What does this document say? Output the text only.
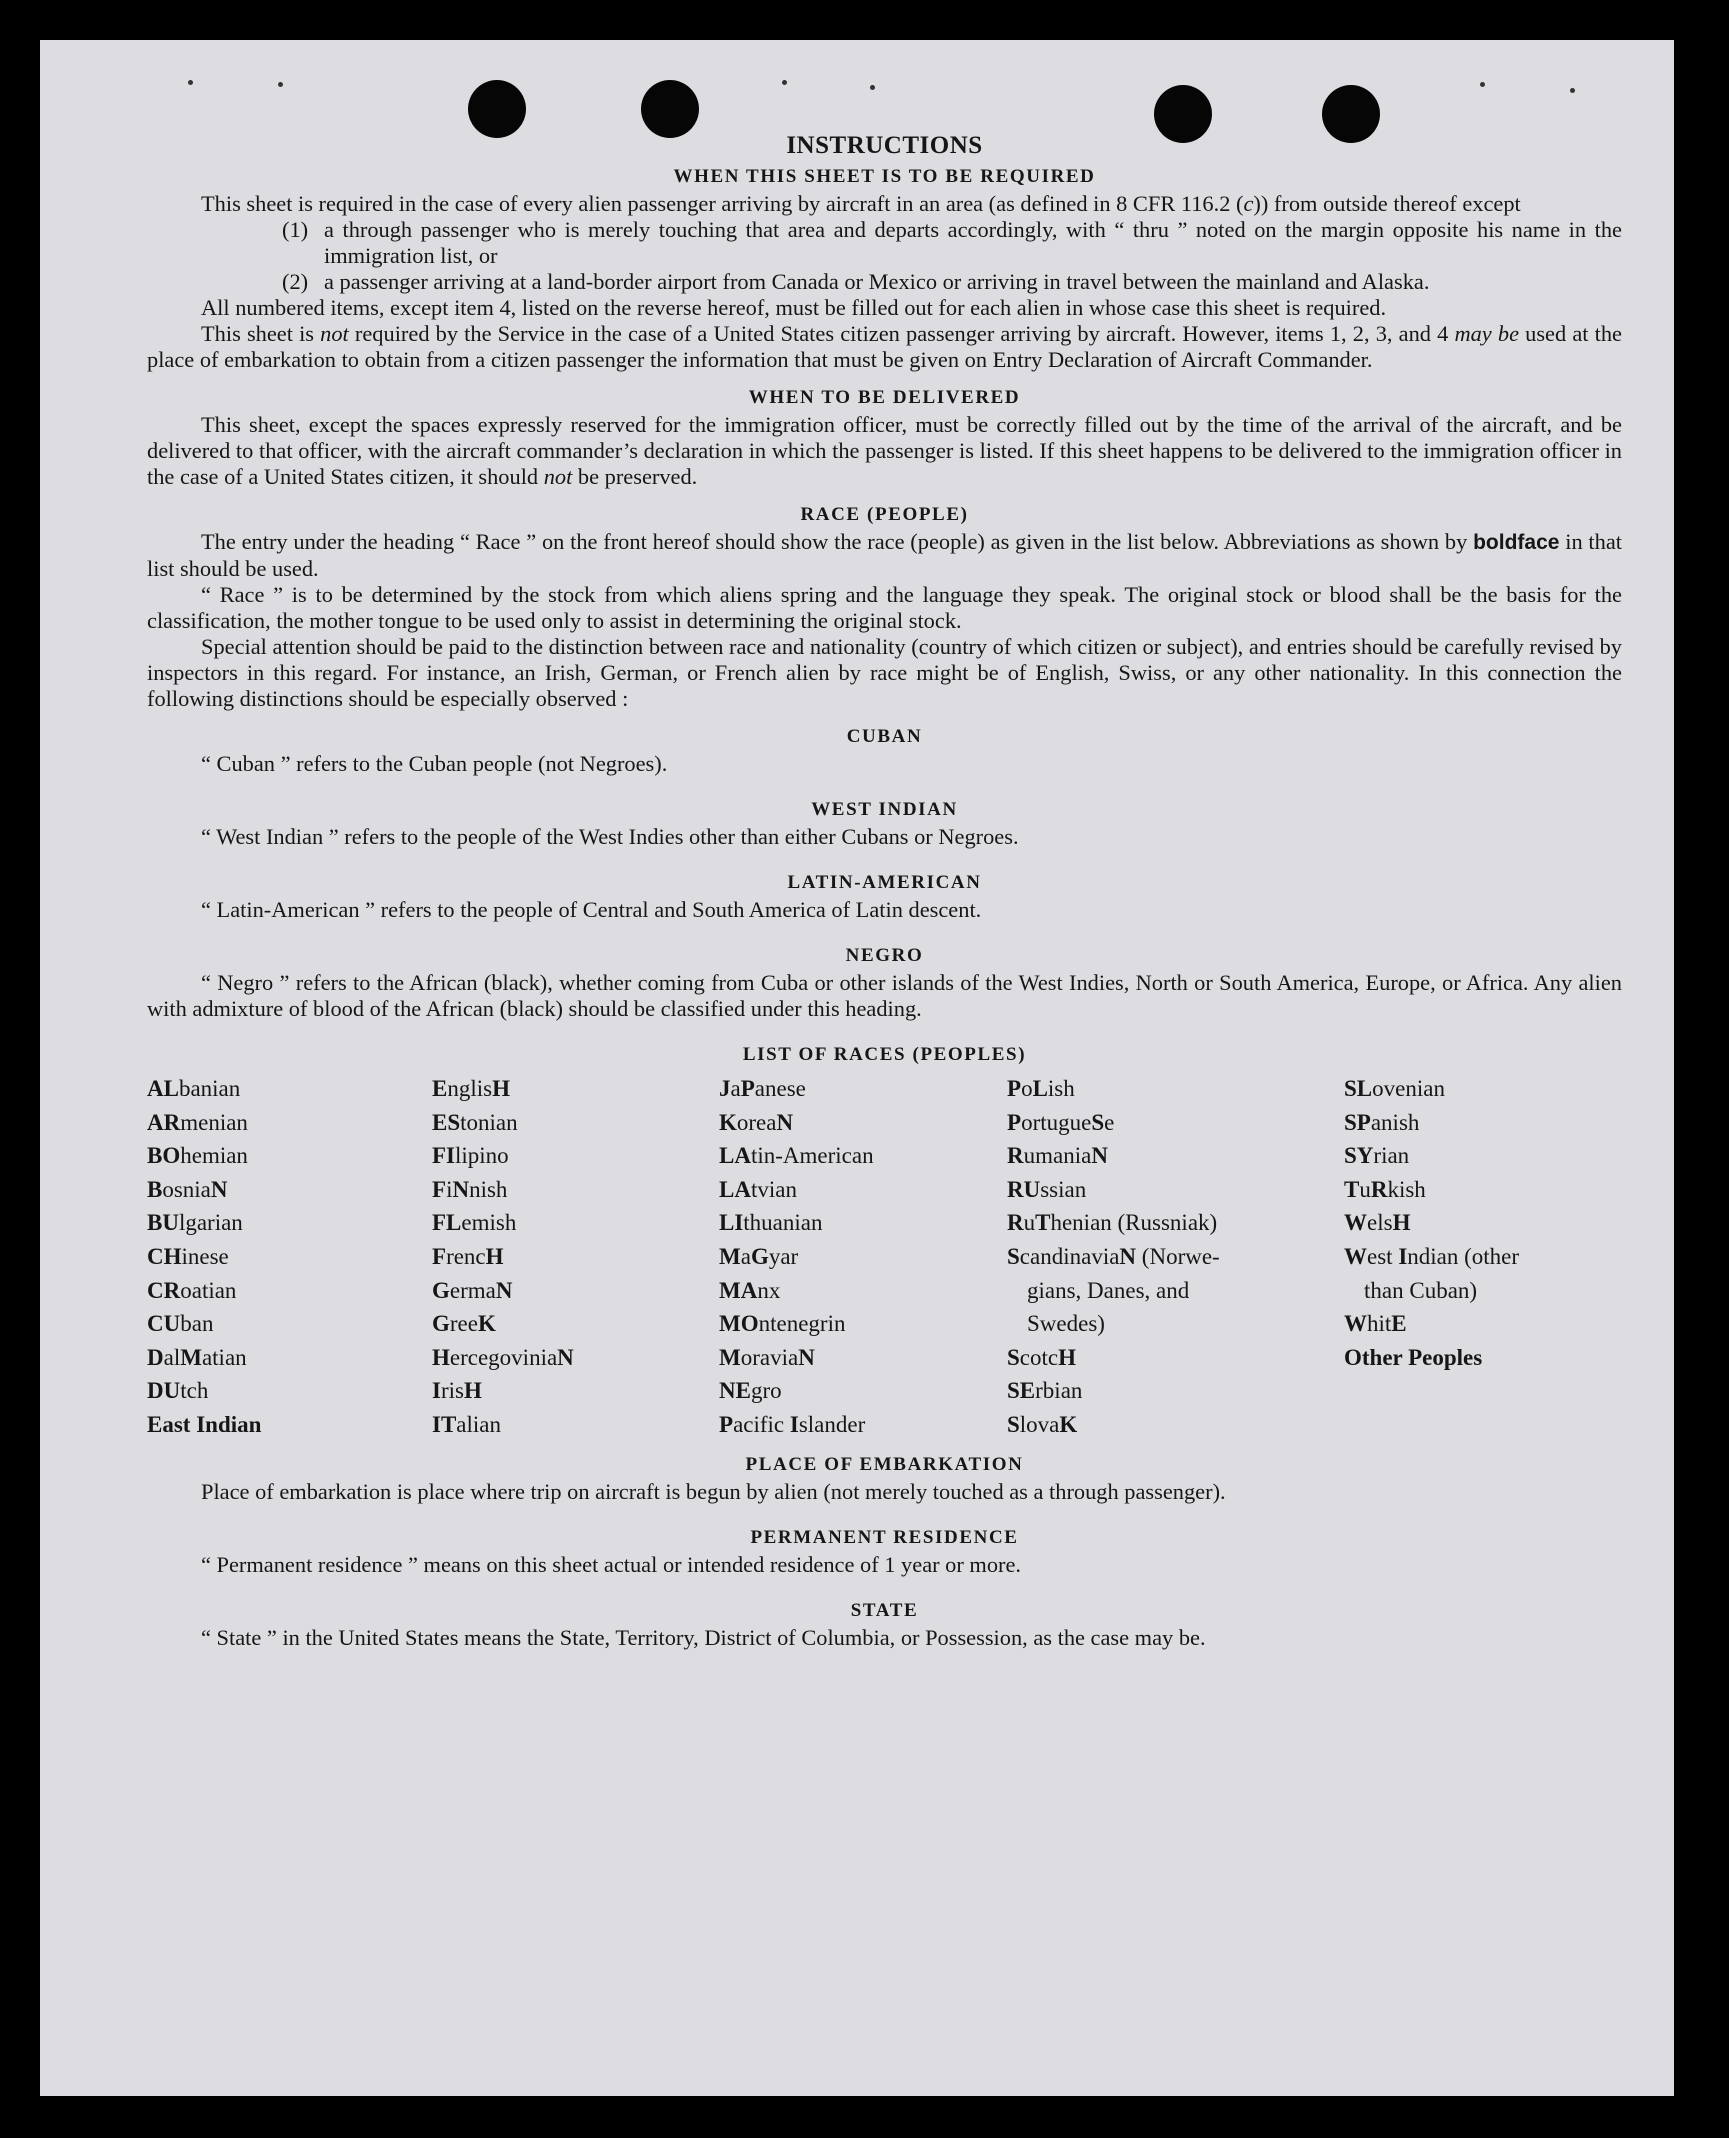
INSTRUCTIONS
WHEN THIS SHEET IS TO BE REQUIRED

This sheet is required in the case of every alien passenger arriving by aircraft in an area (as defined in 8 CFR 116.2 (c)) from outside thereof except

(1) a through passenger who is merely touching that area and departs accordingly, with “ thru ” noted on the margin opposite his name in the immigration list, or
(2) a passenger arriving at a land-border airport from Canada or Mexico or arriving in travel between the mainland and Alaska.

All numbered items, except item 4, listed on the reverse hereof, must be filled out for each alien in whose case this sheet is required.

This sheet is not required by the Service in the case of a United States citizen passenger arriving by aircraft. However, items 1, 2, 3, and 4 may be used at the place of embarkation to obtain from a citizen passenger the information that must be given on Entry Declaration of Aircraft Commander.

WHEN TO BE DELIVERED

This sheet, except the spaces expressly reserved for the immigration officer, must be correctly filled out by the time of the arrival of the aircraft, and be delivered to that officer, with the aircraft commander’s declaration in which the passenger is listed. If this sheet happens to be delivered to the immigration officer in the case of a United States citizen, it should not be preserved.

RACE (PEOPLE)

The entry under the heading “ Race ” on the front hereof should show the race (people) as given in the list below. Abbreviations as shown by boldface in that list should be used.

“ Race ” is to be determined by the stock from which aliens spring and the language they speak. The original stock or blood shall be the basis for the classification, the mother tongue to be used only to assist in determining the original stock.

Special attention should be paid to the distinction between race and nationality (country of which citizen or subject), and entries should be carefully revised by inspectors in this regard. For instance, an Irish, German, or French alien by race might be of English, Swiss, or any other nationality. In this connection the following distinctions should be especially observed :

CUBAN

“ Cuban ” refers to the Cuban people (not Negroes).

WEST INDIAN

“ West Indian ” refers to the people of the West Indies other than either Cubans or Negroes.

LATIN-AMERICAN

“ Latin-American ” refers to the people of Central and South America of Latin descent.

NEGRO

“ Negro ” refers to the African (black), whether coming from Cuba or other islands of the West Indies, North or South America, Europe, or Africa. Any alien with admixture of blood of the African (black) should be classified under this heading.

LIST OF RACES (PEOPLES)
ALbanian
ARmenian
BOhemian
BosniaN
BUlgarian
CHinese
CRoatian
CUban
DalMatian
DUtch
East Indian
EnglisH
EStonian
FIlipino
FiNnish
FLemish
FrencH
GermaN
GreeK
HercegoviniaN
IrisH
ITalian
JaPanese
KoreaN
LAtin-American
LAtvian
LIthuanian
MaGyar
MAnx
MOntenegrin
MoraviaN
NEgro
Pacific Islander
PoLish
PortugueSe
RumaniaN
RUssian
RuThenian (Russniak)
ScandinaviaN (Norwe-
gians, Danes, and
Swedes)
ScotcH
SErbian
SlovaK
SLovenian
SPanish
SYrian
TuRkish
WelsH
West Indian (other
than Cuban)
WhitE
Other Peoples
PLACE OF EMBARKATION

Place of embarkation is place where trip on aircraft is begun by alien (not merely touched as a through passenger).

PERMANENT RESIDENCE

“ Permanent residence ” means on this sheet actual or intended residence of 1 year or more.

STATE

“ State ” in the United States means the State, Territory, District of Columbia, or Possession, as the case may be.
